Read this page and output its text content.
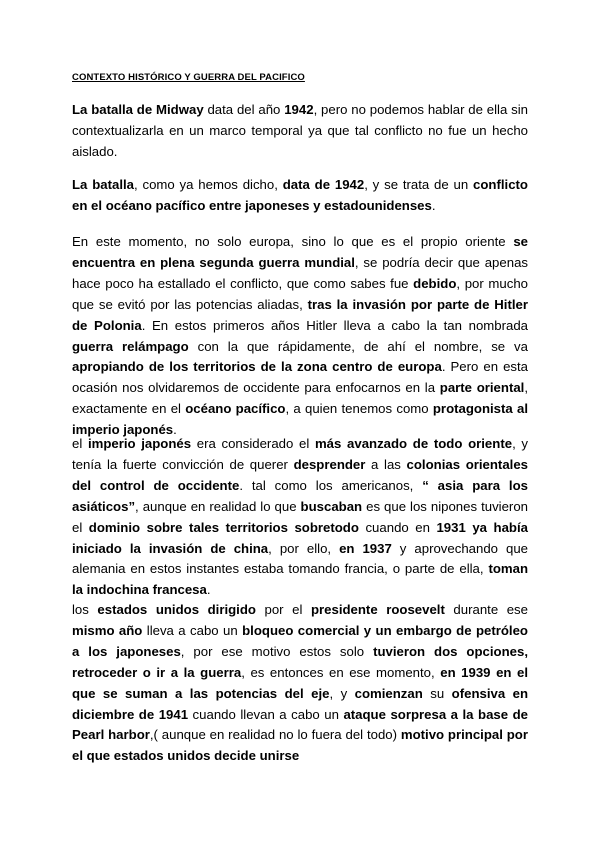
CONTEXTO HISTÓRICO Y GUERRA DEL PACIFICO

La batalla de Midway data del año 1942, pero no podemos hablar de ella sin contextualizarla en un marco temporal ya que tal conflicto no fue un hecho aislado.

La batalla, como ya hemos dicho, data de 1942, y se trata de un conflicto en el océano pacífico entre japoneses y estadounidenses.

En este momento, no solo europa, sino lo que es el propio oriente se encuentra en plena segunda guerra mundial, se podría decir que apenas hace poco ha estallado el conflicto, que como sabes fue debido, por mucho que se evitó por las potencias aliadas, tras la invasión por parte de Hitler de Polonia. En estos primeros años Hitler lleva a cabo la tan nombrada guerra relámpago con la que rápidamente, de ahí el nombre, se va apropiando de los territorios de la zona centro de europa. Pero en esta ocasión nos olvidaremos de occidente para enfocarnos en la parte oriental, exactamente en el océano pacífico, a quien tenemos como protagonista al imperio japonés.

el imperio japonés era considerado el más avanzado de todo oriente, y tenía la fuerte convicción de querer desprender a las colonias orientales del control de occidente. tal como los americanos, “ asia para los asiáticos”, aunque en realidad lo que buscaban es que los nipones tuvieron el dominio sobre tales territorios sobretodo cuando en 1931 ya había iniciado la invasión de china, por ello, en 1937 y aprovechando que alemania en estos instantes estaba tomando francia, o parte de ella, toman la indochina francesa.

los estados unidos dirigido por el presidente roosevelt durante ese mismo año lleva a cabo un bloqueo comercial y un embargo de petróleo a los japoneses, por ese motivo estos solo tuvieron dos opciones, retroceder o ir a la guerra, es entonces en ese momento, en 1939 en el que se suman a las potencias del eje, y comienzan su ofensiva en diciembre de 1941 cuando llevan a cabo un ataque sorpresa a la base de Pearl harbor,( aunque en realidad no lo fuera del todo) motivo principal por el que estados unidos decide unirse
